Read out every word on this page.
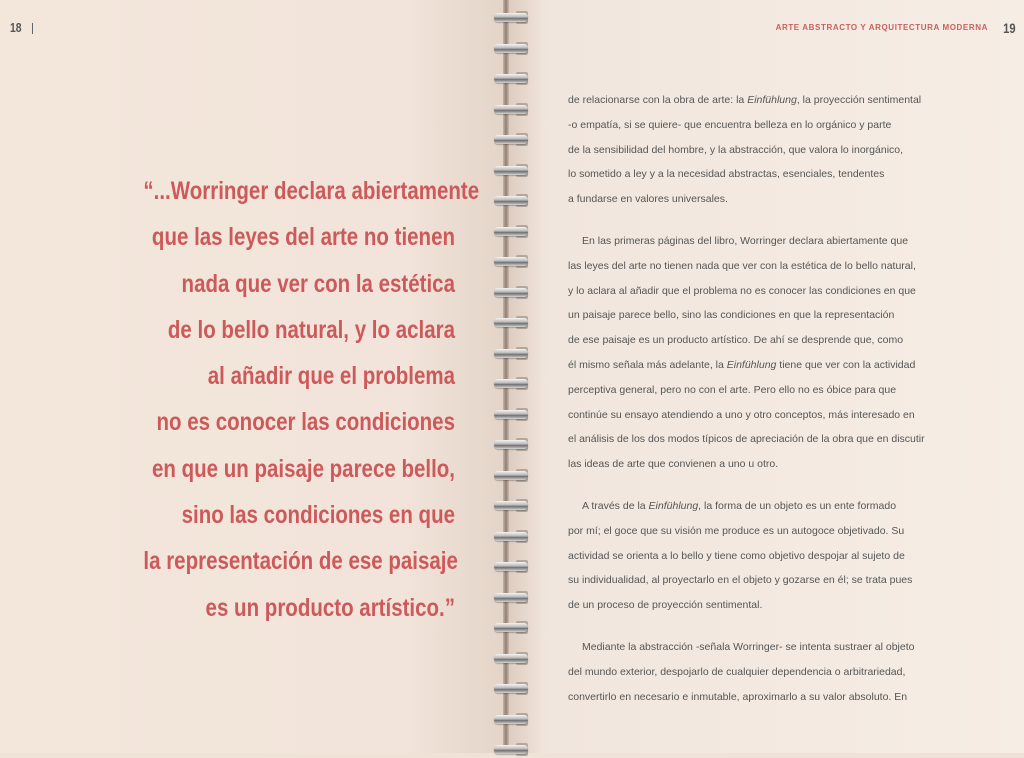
18
“...Worringer declara abiertamente
que las leyes del arte no tienen
nada que ver con la estética
de lo bello natural, y lo aclara
al añadir que el problema
no es conocer las condiciones
en que un paisaje parece bello,
sino las condiciones en que
la representación de ese paisaje
es un producto artístico.”
ARTE ABSTRACTO Y ARQUITECTURA MODERNA 19
de relacionarse con la obra de arte: la Einfühlung, la proyección sentimental
-o empatía, si se quiere- que encuentra belleza en lo orgánico y parte
de la sensibilidad del hombre, y la abstracción, que valora lo inorgánico,
lo sometido a ley y a la necesidad abstractas, esenciales, tendentes
a fundarse en valores universales.
En las primeras páginas del libro, Worringer declara abiertamente que
las leyes del arte no tienen nada que ver con la estética de lo bello natural,
y lo aclara al añadir que el problema no es conocer las condiciones en que
un paisaje parece bello, sino las condiciones en que la representación
de ese paisaje es un producto artístico. De ahí se desprende que, como
él mismo señala más adelante, la Einfühlung tiene que ver con la actividad
perceptiva general, pero no con el arte. Pero ello no es óbice para que
continúe su ensayo atendiendo a uno y otro conceptos, más interesado en
el análisis de los dos modos típicos de apreciación de la obra que en discutir
las ideas de arte que convienen a uno u otro.
A través de la Einfühlung, la forma de un objeto es un ente formado
por mí; el goce que su visión me produce es un autogoce objetivado. Su
actividad se orienta a lo bello y tiene como objetivo despojar al sujeto de
su individualidad, al proyectarlo en el objeto y gozarse en él; se trata pues
de un proceso de proyección sentimental.
Mediante la abstracción -señala Worringer- se intenta sustraer al objeto
del mundo exterior, despojarlo de cualquier dependencia o arbitrariedad,
convertirlo en necesario e inmutable, aproximarlo a su valor absoluto. En
